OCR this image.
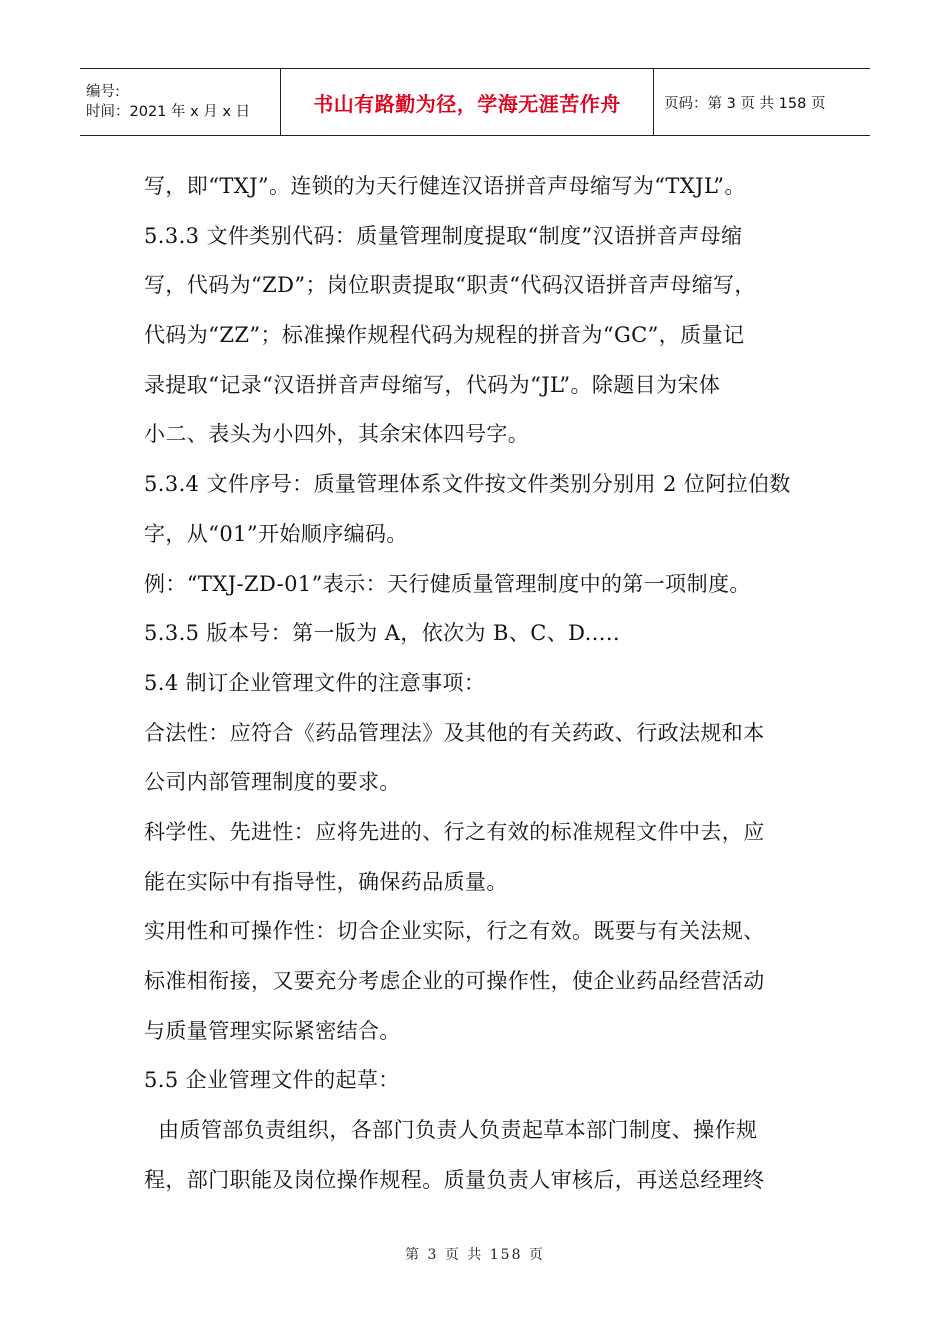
编号:
时间：2021 年 x 月 x 日	书山有路勤为径，学海无涯苦作舟	页码：第 3 页 共 158 页
写，即“TXJ”。连锁的为天行健连汉语拼音声母缩写为“TXJL”。
5.3.3 文件类别代码：质量管理制度提取“制度”汉语拼音声母缩
写，代码为“ZD”；岗位职责提取“职责“代码汉语拼音声母缩写，
代码为“ZZ”；标准操作规程代码为规程的拼音为“GC”，质量记
录提取“记录“汉语拼音声母缩写，代码为“JL”。除题目为宋体
小二、表头为小四外，其余宋体四号字。
5.3.4 文件序号：质量管理体系文件按文件类别分别用 2 位阿拉伯数
字，从“01”开始顺序编码。
例：“TXJ-ZD-01”表示：天行健质量管理制度中的第一项制度。
5.3.5 版本号：第一版为 A，依次为 B、C、D.....
5.4 制订企业管理文件的注意事项：
合法性：应符合《药品管理法》及其他的有关药政、行政法规和本
公司内部管理制度的要求。
科学性、先进性：应将先进的、行之有效的标准规程文件中去，应
能在实际中有指导性，确保药品质量。
实用性和可操作性：切合企业实际，行之有效。既要与有关法规、
标准相衔接，又要充分考虑企业的可操作性，使企业药品经营活动
与质量管理实际紧密结合。
5.5 企业管理文件的起草：
由质管部负责组织，各部门负责人负责起草本部门制度、操作规
程，部门职能及岗位操作规程。质量负责人审核后，再送总经理终
第 3 页 共 158 页
